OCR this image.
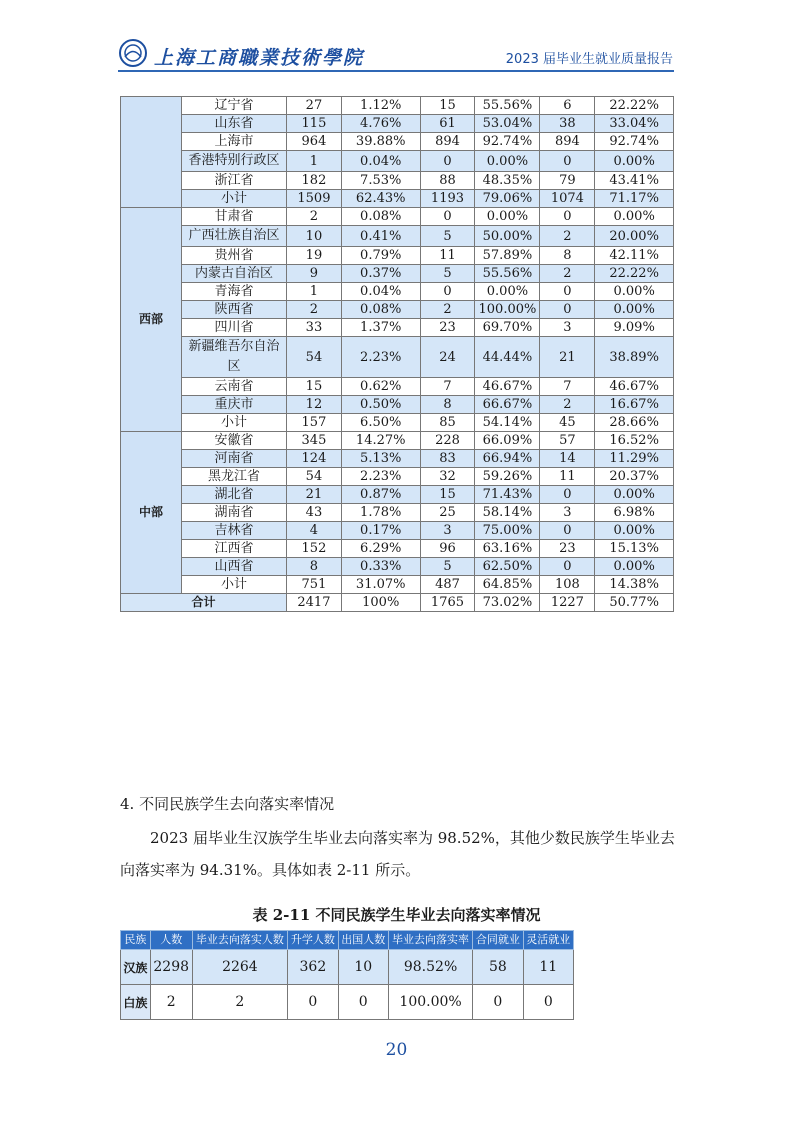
上海工商職業技術學院	2023 届毕业生就业质量报告
	辽宁省	27	1.12%	15	55.56%	6	22.22%
	山东省	115	4.76%	61	53.04%	38	33.04%
	上海市	964	39.88%	894	92.74%	894	92.74%
	香港特别行政区	1	0.04%	0	0.00%	0	0.00%
	浙江省	182	7.53%	88	48.35%	79	43.41%
	小计	1509	62.43%	1193	79.06%	1074	71.17%
西部	甘肃省	2	0.08%	0	0.00%	0	0.00%
	广西壮族自治区	10	0.41%	5	50.00%	2	20.00%
	贵州省	19	0.79%	11	57.89%	8	42.11%
	内蒙古自治区	9	0.37%	5	55.56%	2	22.22%
	青海省	1	0.04%	0	0.00%	0	0.00%
	陕西省	2	0.08%	2	100.00%	0	0.00%
	四川省	33	1.37%	23	69.70%	3	9.09%
	新疆维吾尔自治区	54	2.23%	24	44.44%	21	38.89%
	云南省	15	0.62%	7	46.67%	7	46.67%
	重庆市	12	0.50%	8	66.67%	2	16.67%
	小计	157	6.50%	85	54.14%	45	28.66%
中部	安徽省	345	14.27%	228	66.09%	57	16.52%
	河南省	124	5.13%	83	66.94%	14	11.29%
	黑龙江省	54	2.23%	32	59.26%	11	20.37%
	湖北省	21	0.87%	15	71.43%	0	0.00%
	湖南省	43	1.78%	25	58.14%	3	6.98%
	吉林省	4	0.17%	3	75.00%	0	0.00%
	江西省	152	6.29%	96	63.16%	23	15.13%
	山西省	8	0.33%	5	62.50%	0	0.00%
	小计	751	31.07%	487	64.85%	108	14.38%
合计		2417	100%	1765	73.02%	1227	50.77%
4. 不同民族学生去向落实率情况
2023 届毕业生汉族学生毕业去向落实率为 98.52%，其他少数民族学生毕业去向落实率为 94.31%。具体如表 2-11 所示。
表 2-11 不同民族学生毕业去向落实率情况
民族	人数	毕业去向落实人数	升学人数	出国人数	毕业去向落实率	合同就业	灵活就业
汉族	2298	2264	362	10	98.52%	58	11
白族	2	2	0	0	100.00%	0	0
20
